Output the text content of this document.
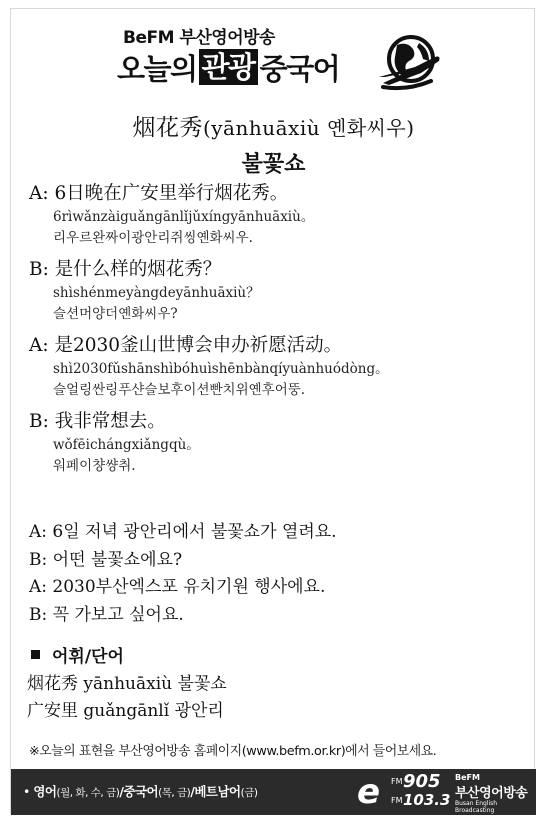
BeFM 부산영어방송
오늘의 관광 중국어
烟花秀(yānhuāxiù 옌화씨우)
불꽃쇼
A: 6日晚在广安里举行烟花秀。
6rìwǎnzàiguǎngānlǐjǔxíngyānhuāxiù。
리우르완짜이광안리쥐씽옌화씨우.
B: 是什么样的烟花秀？
shìshénmeyàngdeyānhuāxiù？
슬션머양더옌화씨우?
A: 是2030釜山世博会申办祈愿活动。
shì2030fǔshānshìbóhuìshēnbànqíyuànhuódòng。
슬얼링싼링푸샨슬보후이션빤치위옌후어뚱.
B: 我非常想去。
wǒfēichángxiǎngqù。
워페이챵썅취.
A: 6일 저녁 광안리에서 불꽃쇼가 열려요.
B: 어떤 불꽃쇼에요?
A: 2030부산엑스포 유치기원 행사에요.
B: 꼭 가보고 싶어요.
어휘/단어
烟花秀 yānhuāxiù 불꽃쇼
广安里 guǎngānlǐ 광안리
※오늘의 표현을 부산영어방송 홈페이지(www.befm.or.kr)에서 들어보세요.
• 영어(월, 화, 수, 금)/중국어(목, 금)/베트남어(금)	e FM 905
FM 103.3
BeFM
부산영어방송
Busan English Broadcasting
